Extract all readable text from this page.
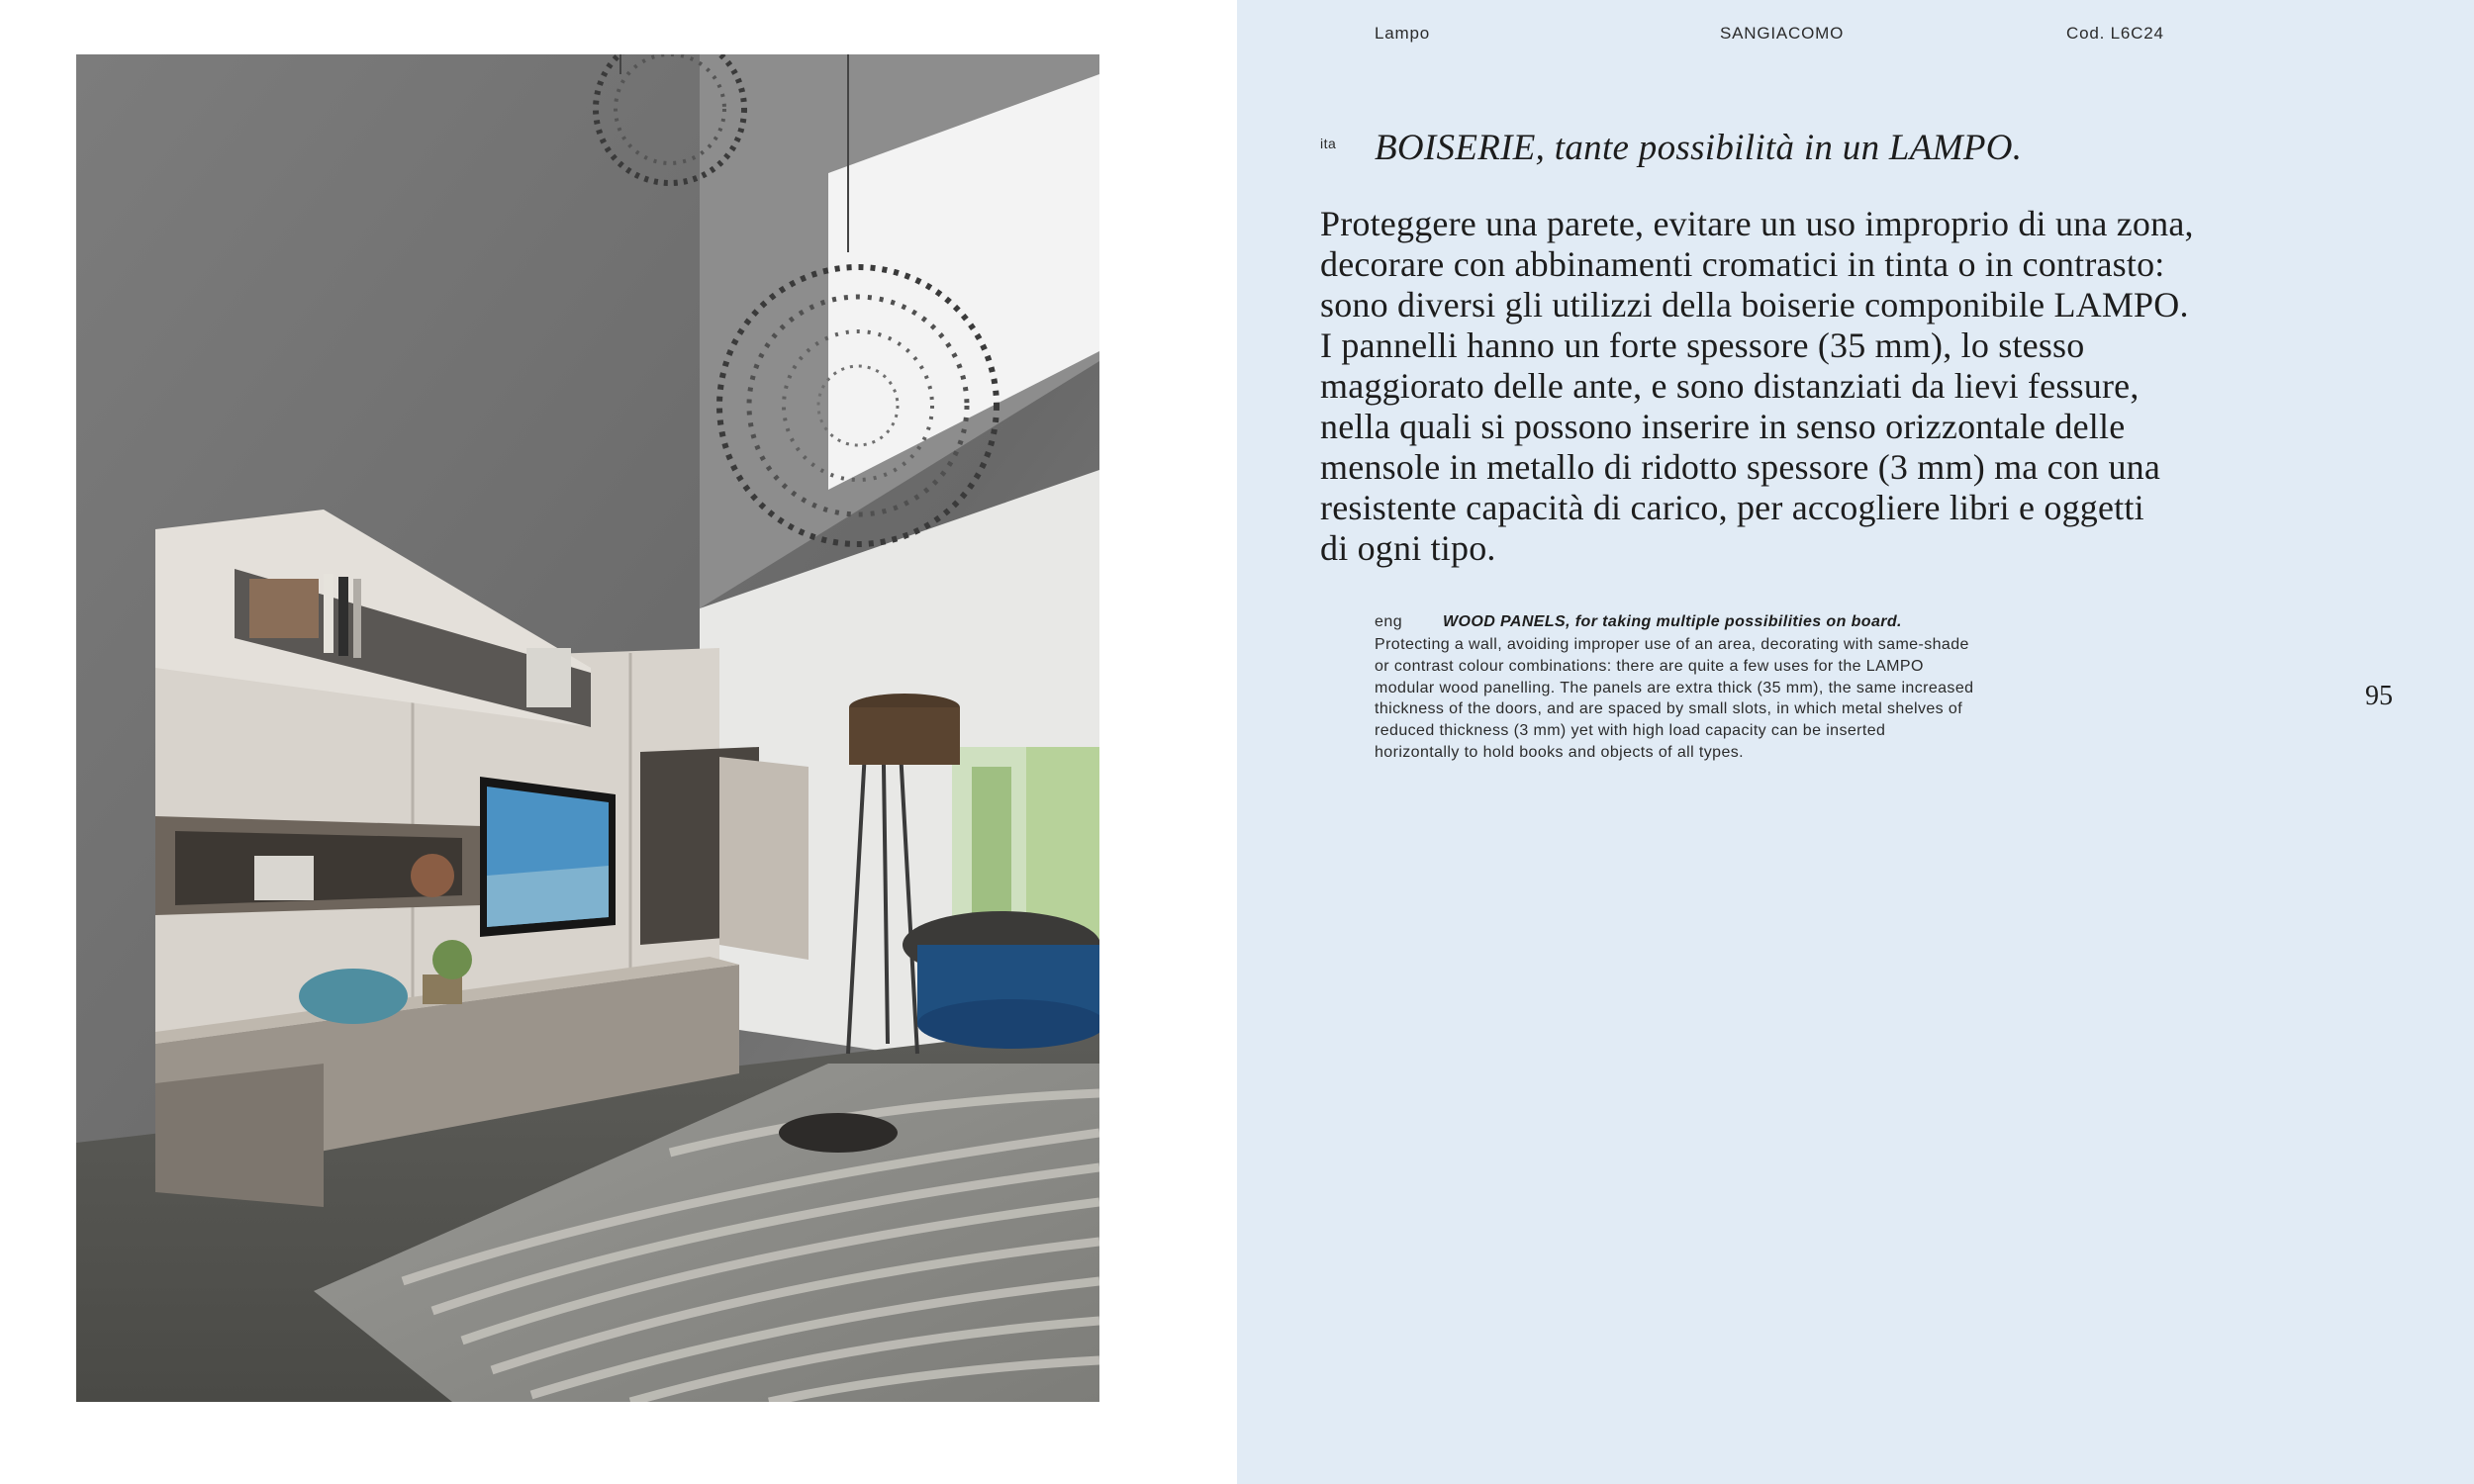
Lampo	SANGIACOMO	Cod. L6C24
ita BOISERIE, tante possibilità in un LAMPO.
Proteggere una parete, evitare un uso improprio di una zona,
decorare con abbinamenti cromatici in tinta o in contrasto:
sono diversi gli utilizzi della boiserie componibile LAMPO.
I pannelli hanno un forte spessore (35 mm), lo stesso
maggiorato delle ante, e sono distanziati da lievi fessure,
nella quali si possono inserire in senso orizzontale delle
mensole in metallo di ridotto spessore (3 mm) ma con una
resistente capacità di carico, per accogliere libri e oggetti
di ogni tipo.
eng	WOOD PANELS, for taking multiple possibilities on board.
Protecting a wall, avoiding improper use of an area, decorating with same-shade
or contrast colour combinations: there are quite a few uses for the LAMPO
modular wood panelling. The panels are extra thick (35 mm), the same increased
thickness of the doors, and are spaced by small slots, in which metal shelves of
reduced thickness (3 mm) yet with high load capacity can be inserted
horizontally to hold books and objects of all types.
95
